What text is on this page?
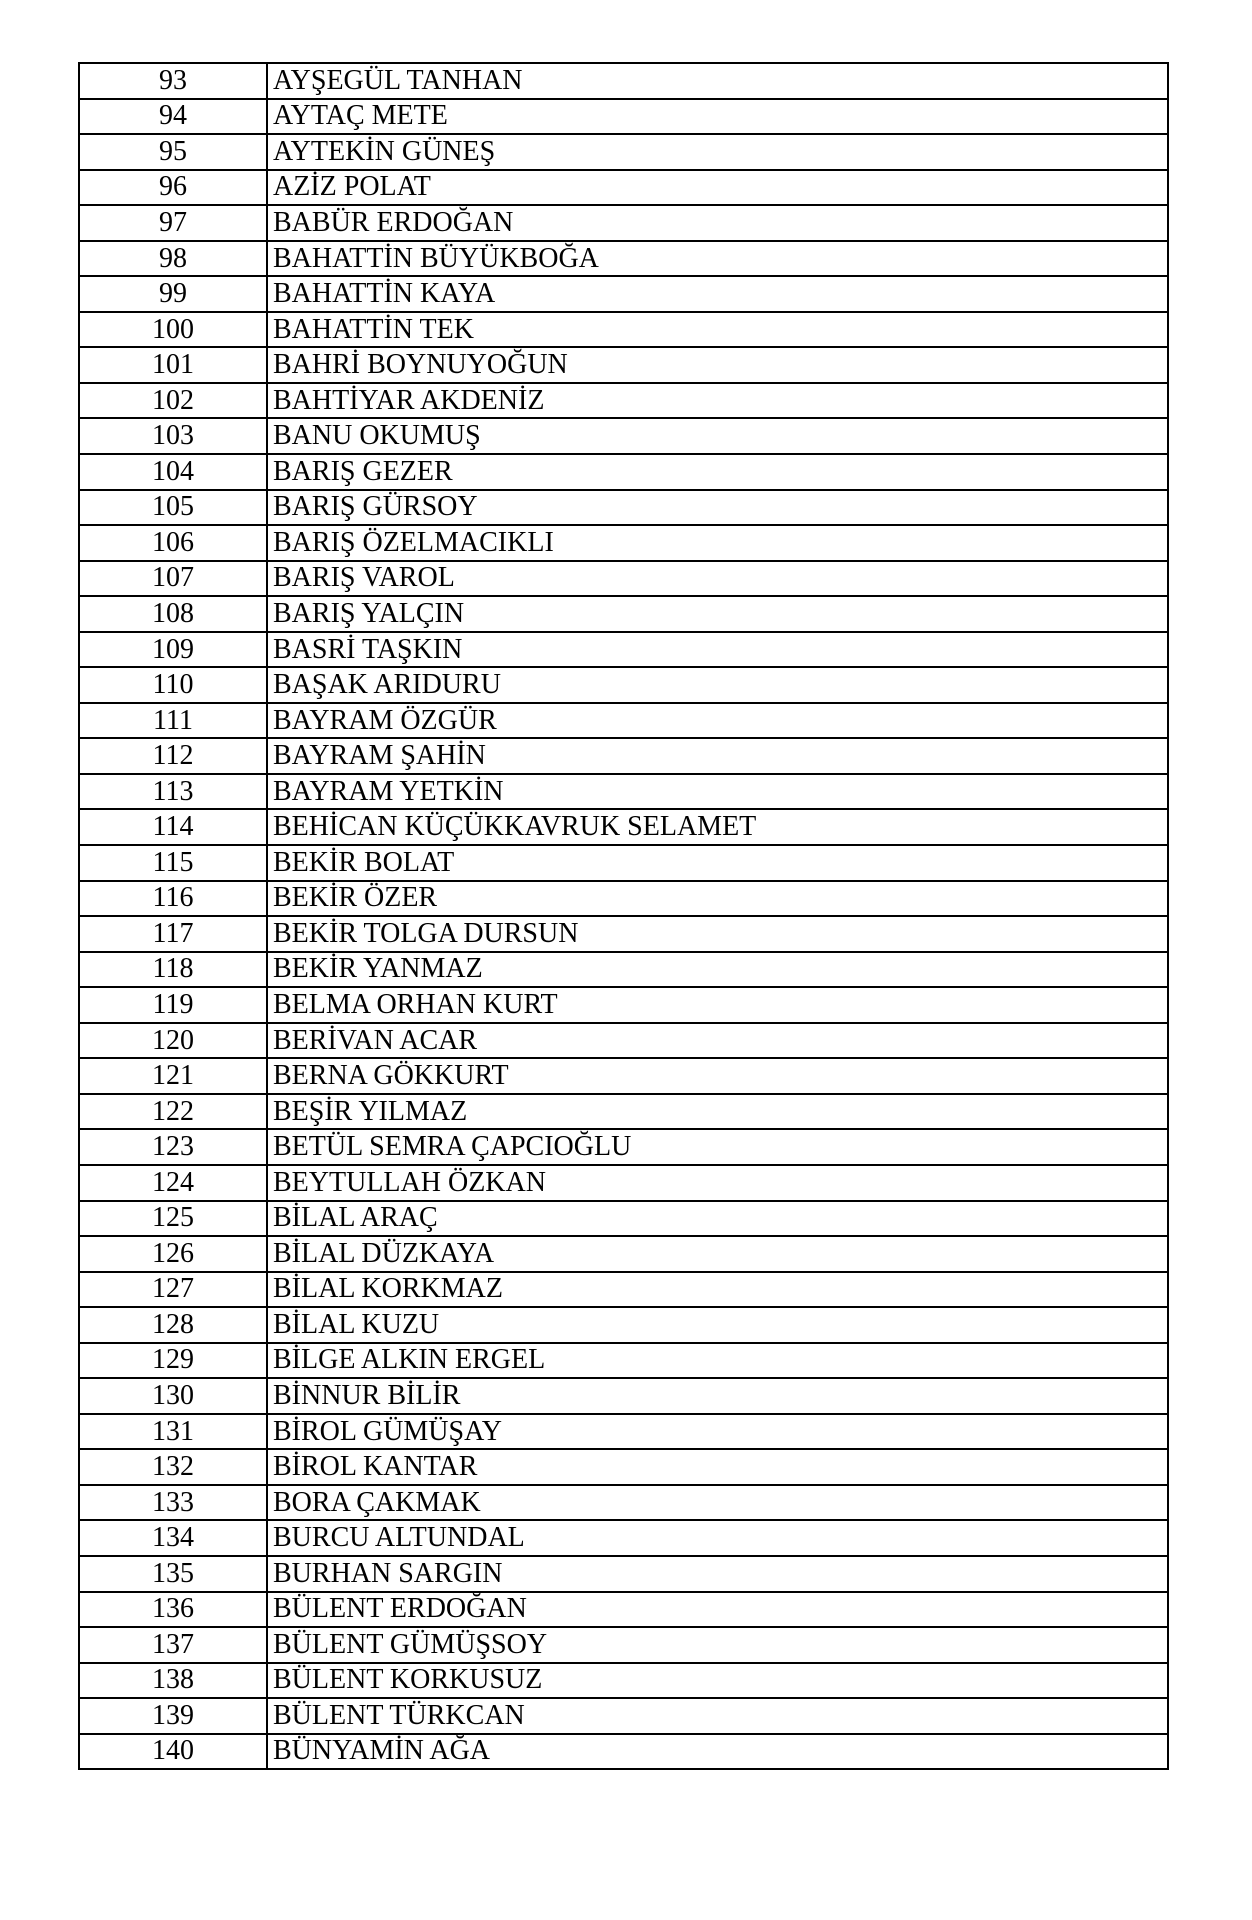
93	AYŞEGÜL TANHAN
94	AYTAÇ METE
95	AYTEKİN GÜNEŞ
96	AZİZ POLAT
97	BABÜR ERDOĞAN
98	BAHATTİN BÜYÜKBOĞA
99	BAHATTİN KAYA
100	BAHATTİN TEK
101	BAHRİ BOYNUYOĞUN
102	BAHTİYAR AKDENİZ
103	BANU OKUMUŞ
104	BARIŞ GEZER
105	BARIŞ GÜRSOY
106	BARIŞ ÖZELMACIKLI
107	BARIŞ VAROL
108	BARIŞ YALÇIN
109	BASRİ TAŞKIN
110	BAŞAK ARIDURU
111	BAYRAM ÖZGÜR
112	BAYRAM ŞAHİN
113	BAYRAM YETKİN
114	BEHİCAN KÜÇÜKKAVRUK SELAMET
115	BEKİR BOLAT
116	BEKİR ÖZER
117	BEKİR TOLGA DURSUN
118	BEKİR YANMAZ
119	BELMA ORHAN KURT
120	BERİVAN ACAR
121	BERNA GÖKKURT
122	BEŞİR YILMAZ
123	BETÜL SEMRA ÇAPCIOĞLU
124	BEYTULLAH ÖZKAN
125	BİLAL ARAÇ
126	BİLAL DÜZKAYA
127	BİLAL KORKMAZ
128	BİLAL KUZU
129	BİLGE ALKIN ERGEL
130	BİNNUR BİLİR
131	BİROL GÜMÜŞAY
132	BİROL KANTAR
133	BORA ÇAKMAK
134	BURCU ALTUNDAL
135	BURHAN SARGIN
136	BÜLENT ERDOĞAN
137	BÜLENT GÜMÜŞSOY
138	BÜLENT KORKUSUZ
139	BÜLENT TÜRKCAN
140	BÜNYAMİN AĞA
